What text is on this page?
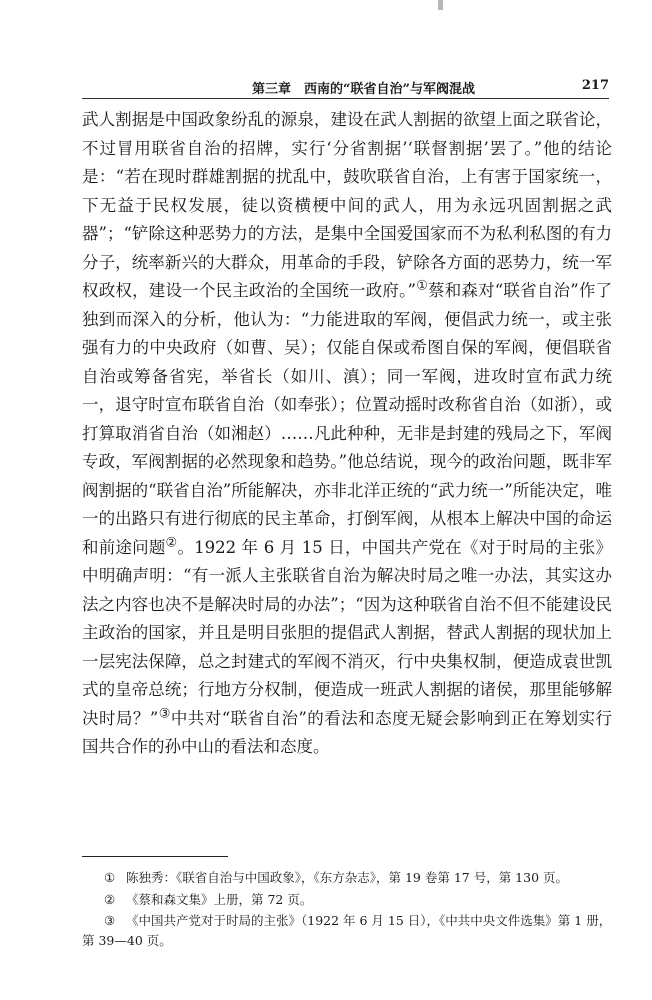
第三章　西南的“联省自治”与军阀混战	217

武人割据是中国政象纷乱的源泉，建设在武人割据的欲望上面之联省论，不过冒用联省自治的招牌，实行‘分省割据’‘联督割据’罢了。”他的结论是：“若在现时群雄割据的扰乱中，鼓吹联省自治，上有害于国家统一，下无益于民权发展，徒以资横梗中间的武人，用为永远巩固割据之武器”；“铲除这种恶势力的方法，是集中全国爱国家而不为私利私图的有力分子，统率新兴的大群众，用革命的手段，铲除各方面的恶势力，统一军权政权，建设一个民主政治的全国统一政府。”①蔡和森对“联省自治”作了独到而深入的分析，他认为：“力能进取的军阀，便倡武力统一，或主张强有力的中央政府（如曹、吴）；仅能自保或希图自保的军阀，便倡联省自治或筹备省宪，举省长（如川、滇）；同一军阀，进攻时宣布武力统一，退守时宣布联省自治（如奉张）；位置动摇时改称省自治（如浙），或打算取消省自治（如湘赵）……凡此种种，无非是封建的残局之下，军阀专政，军阀割据的必然现象和趋势。”他总结说，现今的政治问题，既非军阀割据的“联省自治”所能解决，亦非北洋正统的“武力统一”所能决定，唯一的出路只有进行彻底的民主革命，打倒军阀，从根本上解决中国的命运和前途问题②。1922 年 6 月 15 日，中国共产党在《对于时局的主张》中明确声明：“有一派人主张联省自治为解决时局之唯一办法，其实这办法之内容也决不是解决时局的办法”；“因为这种联省自治不但不能建设民主政治的国家，并且是明目张胆的提倡武人割据，替武人割据的现状加上一层宪法保障，总之封建式的军阀不消灭，行中央集权制，便造成袁世凯式的皇帝总统；行地方分权制，便造成一班武人割据的诸侯，那里能够解决时局？”③中共对“联省自治”的看法和态度无疑会影响到正在筹划实行国共合作的孙中山的看法和态度。

① 陈独秀：《联省自治与中国政象》，《东方杂志》，第 19 卷第 17 号，第 130 页。

② 《蔡和森文集》上册，第 72 页。

③ 《中国共产党对于时局的主张》（1922 年 6 月 15 日），《中共中央文件选集》第 1 册，第 39—40 页。
